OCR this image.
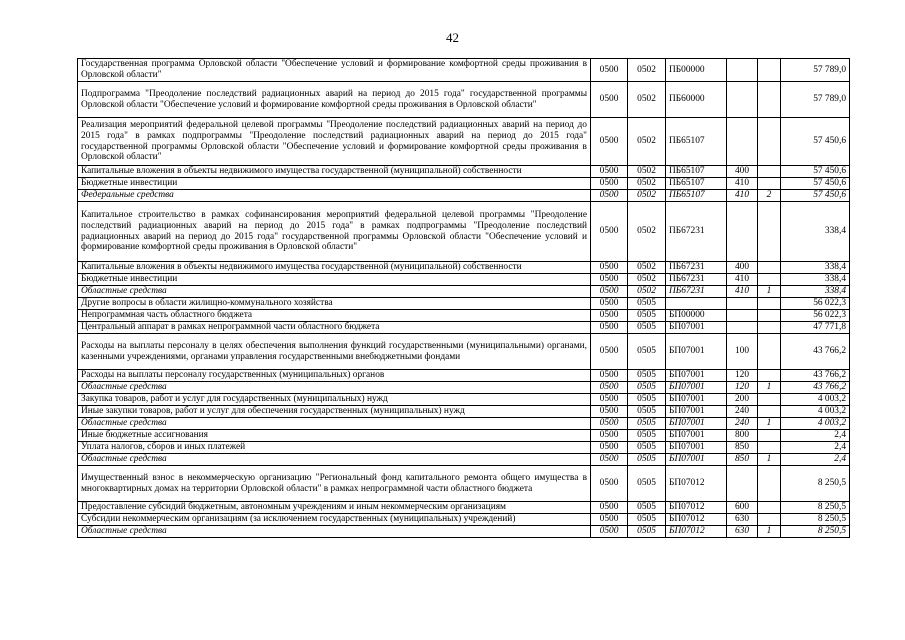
42
Государственная программа Орловской области "Обеспечение условий и формирование комфортной среды проживания в Орловской области"	0500	0502	ПБ00000			57 789,0
Подпрограмма "Преодоление последствий радиационных аварий на период до 2015 года" государственной программы Орловской области "Обеспечение условий и формирование комфортной среды проживания в Орловской области"	0500	0502	ПБ60000			57 789,0
Реализация мероприятий федеральной целевой программы "Преодоление последствий радиационных аварий на период до 2015 года" в рамках подпрограммы "Преодоление последствий радиационных аварий на период до 2015 года" государственной программы Орловской области "Обеспечение условий и формирование комфортной среды проживания в Орловской области"	0500	0502	ПБ65107			57 450,6
Капитальные вложения в объекты недвижимого имущества государственной (муниципальной) собственности	0500	0502	ПБ65107	400		57 450,6
Бюджетные инвестиции	0500	0502	ПБ65107	410		57 450,6
Федеральные средства	0500	0502	ПБ65107	410	2	57 450,6
Капитальное строительство в рамках софинансирования мероприятий федеральной целевой программы "Преодоление последствий радиационных аварий на период до 2015 года" в рамках подпрограммы "Преодоление последствий радиационных аварий на период до 2015 года" государственной программы Орловской области "Обеспечение условий и формирование комфортной среды проживания в Орловской области"	0500	0502	ПБ67231			338,4
Капитальные вложения в объекты недвижимого имущества государственной (муниципальной) собственности	0500	0502	ПБ67231	400		338,4
Бюджетные инвестиции	0500	0502	ПБ67231	410		338,4
Областные средства	0500	0502	ПБ67231	410	1	338,4
Другие вопросы в области жилищно-коммунального хозяйства	0500	0505				56 022,3
Непрограммная часть областного бюджета	0500	0505	БП00000			56 022,3
Центральный аппарат в рамках непрограммной части областного бюджета	0500	0505	БП07001			47 771,8
Расходы на выплаты персоналу в целях обеспечения выполнения функций государственными (муниципальными) органами, казенными учреждениями, органами управления государственными внебюджетными фондами	0500	0505	БП07001	100		43 766,2
Расходы на выплаты персоналу государственных (муниципальных) органов	0500	0505	БП07001	120		43 766,2
Областные средства	0500	0505	БП07001	120	1	43 766,2
Закупка товаров, работ и услуг для государственных (муниципальных) нужд	0500	0505	БП07001	200		4 003,2
Иные закупки товаров, работ и услуг для обеспечения государственных (муниципальных) нужд	0500	0505	БП07001	240		4 003,2
Областные средства	0500	0505	БП07001	240	1	4 003,2
Иные бюджетные ассигнования	0500	0505	БП07001	800		2,4
Уплата налогов, сборов и иных платежей	0500	0505	БП07001	850		2,4
Областные средства	0500	0505	БП07001	850	1	2,4
Имущественный взнос в некоммерческую организацию "Региональный фонд капитального ремонта общего имущества в многоквартирных домах на территории Орловской области" в рамках непрограммной части областного бюджета	0500	0505	БП07012			8 250,5
Предоставление субсидий бюджетным, автономным учреждениям и иным некоммерческим организациям	0500	0505	БП07012	600		8 250,5
Субсидии некоммерческим организациям (за исключением государственных (муниципальных) учреждений)	0500	0505	БП07012	630		8 250,5
Областные средства	0500	0505	БП07012	630	1	8 250,5
